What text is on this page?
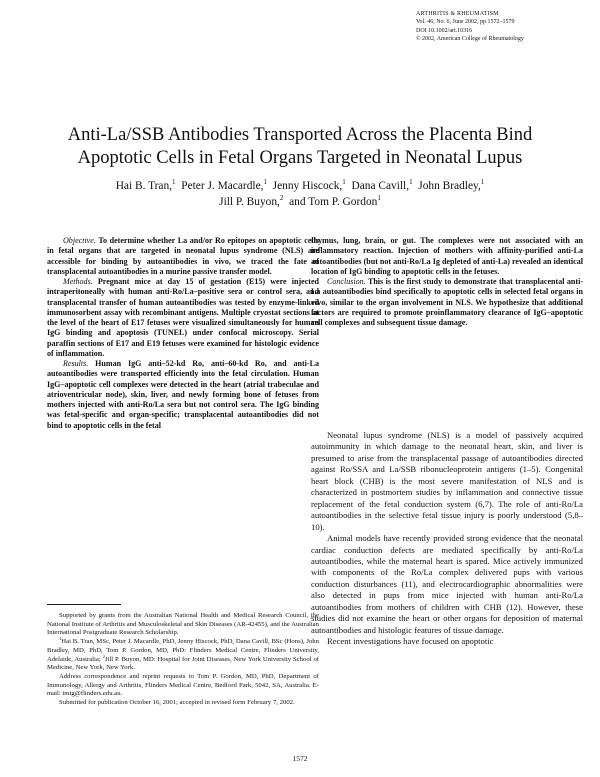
ARTHRITIS & RHEUMATISM
Vol. 46, No. 6, June 2002, pp 1572–1579
DOI 10.1002/art.10316
© 2002, American College of Rheumatology
Anti-La/SSB Antibodies Transported Across the Placenta Bind
Apoptotic Cells in Fetal Organs Targeted in Neonatal Lupus
Hai B. Tran,$^1$ Peter J. Macardle,$^1$ Jenny Hiscock,$^1$ Dana Cavill,$^1$ John Bradley,$^1$
Jill P. Buyon,$^2$ and Tom P. Gordon$^1$

Objective. To determine whether La and/or Ro epitopes on apoptotic cells in fetal organs that are targeted in neonatal lupus syndrome (NLS) are accessible for binding by autoantibodies in vivo, we traced the fate of transplacental autoantibodies in a murine passive transfer model.

Methods. Pregnant mice at day 15 of gestation (E15) were injected intraperitoneally with human anti-Ro/La–positive sera or control sera, and transplacental transfer of human autoantibodies was tested by enzyme-linked immunosorbent assay with recombinant antigens. Multiple cryostat sections at the level of the heart of E17 fetuses were visualized simultaneously for human IgG binding and apoptosis (TUNEL) under confocal microscopy. Serial paraffin sections of E17 and E19 fetuses were examined for histologic evidence of inflammation.

Results. Human IgG anti–52-kd Ro, anti–60-kd Ro, and anti-La autoantibodies were transported efficiently into the fetal circulation. Human IgG–apoptotic cell complexes were detected in the heart (atrial trabeculae and atrioventricular node), skin, liver, and newly forming bone of fetuses from mothers injected with anti-Ro/La sera but not control sera. The IgG binding was fetal-specific and organ-specific; transplacental autoantibodies did not bind to apoptotic cells in the fetal

thymus, lung, brain, or gut. The complexes were not associated with an inflammatory reaction. Injection of mothers with affinity-purified anti-La autoantibodies (but not anti-Ro/La Ig depleted of anti-La) revealed an identical location of IgG binding to apoptotic cells in the fetuses.

Conclusion. This is the first study to demonstrate that transplacental anti-La autoantibodies bind specifically to apoptotic cells in selected fetal organs in vivo, similar to the organ involvement in NLS. We hypothesize that additional factors are required to promote proinflammatory clearance of IgG–apoptotic cell complexes and subsequent tissue damage.

Neonatal lupus syndrome (NLS) is a model of passively acquired autoimmunity in which damage to the neonatal heart, skin, and liver is presumed to arise from the transplacental passage of autoantibodies directed against Ro/SSA and La/SSB ribonucleoprotein antigens (1–5). Congenital heart block (CHB) is the most severe manifestation of NLS and is characterized in postmortem studies by inflammation and connective tissue replacement of the fetal conduction system (6,7). The role of anti-Ro/La autoantibodies in the selective fetal tissue injury is poorly understood (5,8–10).

Animal models have recently provided strong evidence that the neonatal cardiac conduction defects are mediated specifically by anti-Ro/La autoantibodies, while the maternal heart is spared. Mice actively immunized with components of the Ro/La complex delivered pups with various conduction disturbances (11), and electrocardiographic abnormalities were also detected in pups from mice injected with human anti-Ro/La autoantibodies from mothers of children with CHB (12). However, these studies did not examine the heart or other organs for deposition of maternal autoantibodies and histologic features of tissue damage.

Recent investigations have focused on apoptotic

Supported by grants from the Australian National Health and Medical Research Council, the National Institute of Arthritis and Musculoskeletal and Skin Diseases (AR-42455), and the Australian International Postgraduate Research Scholarship.

$^1$Hai B. Tran, MSc, Peter J. Macardle, PhD, Jenny Hiscock, PhD, Dana Cavill, BSc (Hons), John Bradley, MD, PhD, Tom P. Gordon, MD, PhD: Flinders Medical Centre, Flinders University, Adelaide, Australia; $^2$Jill P. Buyon, MD: Hospital for Joint Diseases, New York University School of Medicine, New York, New York.

Address correspondence and reprint requests to Tom P. Gordon, MD, PhD, Department of Immunology, Allergy and Arthritis, Flinders Medical Centre, Bedford Park, 5042, SA, Australia. E-mail: imtg@flinders.edu.au.

Submitted for publication October 16, 2001; accepted in revised form February 7, 2002.

1572
